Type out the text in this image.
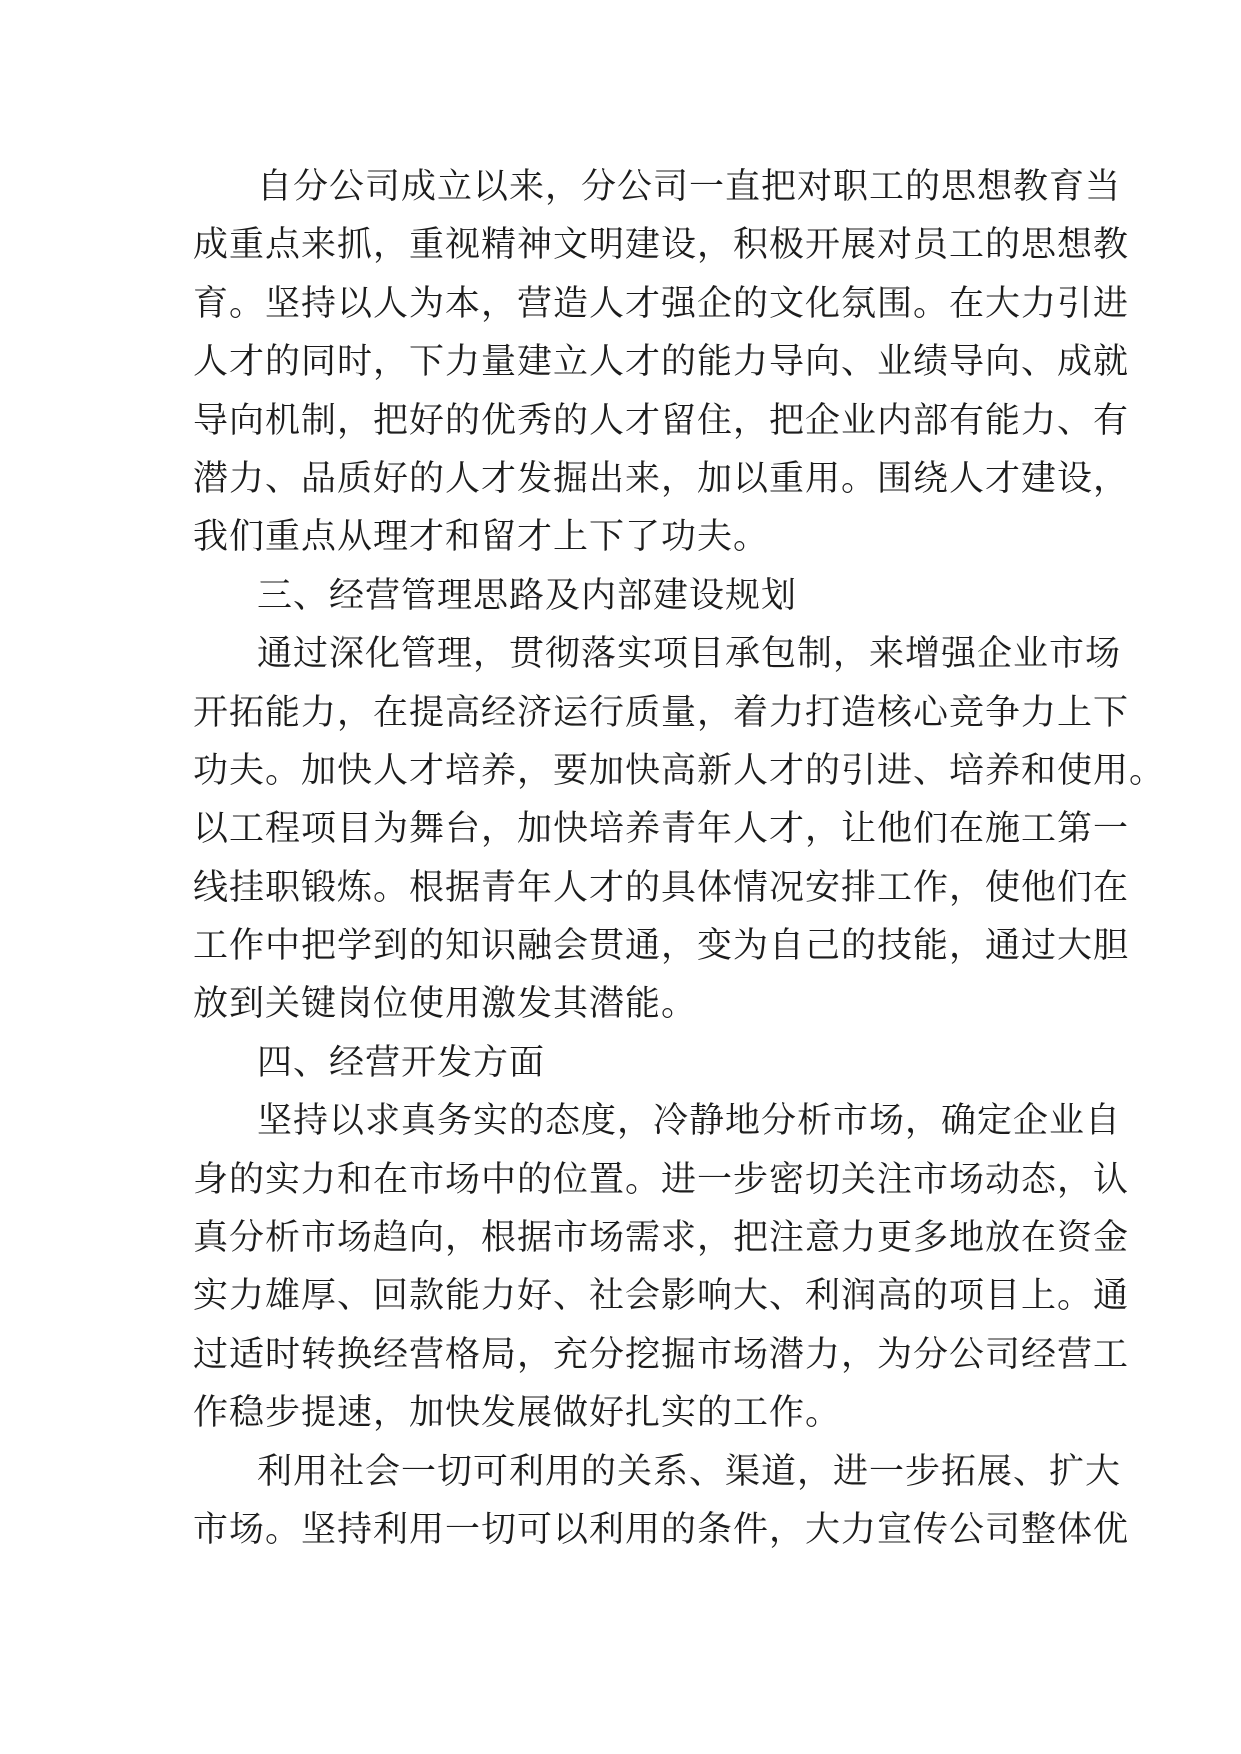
自分公司成立以来，分公司一直把对职工的思想教育当
成重点来抓，重视精神文明建设，积极开展对员工的思想教
育。坚持以人为本，营造人才强企的文化氛围。在大力引进
人才的同时，下力量建立人才的能力导向、业绩导向、成就
导向机制，把好的优秀的人才留住，把企业内部有能力、有
潜力、品质好的人才发掘出来，加以重用。围绕人才建设，
我们重点从理才和留才上下了功夫。
三、经营管理思路及内部建设规划
通过深化管理，贯彻落实项目承包制，来增强企业市场
开拓能力，在提高经济运行质量，着力打造核心竞争力上下
功夫。加快人才培养，要加快高新人才的引进、培养和使用。
以工程项目为舞台，加快培养青年人才，让他们在施工第一
线挂职锻炼。根据青年人才的具体情况安排工作，使他们在
工作中把学到的知识融会贯通，变为自己的技能，通过大胆
放到关键岗位使用激发其潜能。
四、经营开发方面
坚持以求真务实的态度，冷静地分析市场，确定企业自
身的实力和在市场中的位置。进一步密切关注市场动态，认
真分析市场趋向，根据市场需求，把注意力更多地放在资金
实力雄厚、回款能力好、社会影响大、利润高的项目上。通
过适时转换经营格局，充分挖掘市场潜力，为分公司经营工
作稳步提速，加快发展做好扎实的工作。
利用社会一切可利用的关系、渠道，进一步拓展、扩大
市场。坚持利用一切可以利用的条件，大力宣传公司整体优
